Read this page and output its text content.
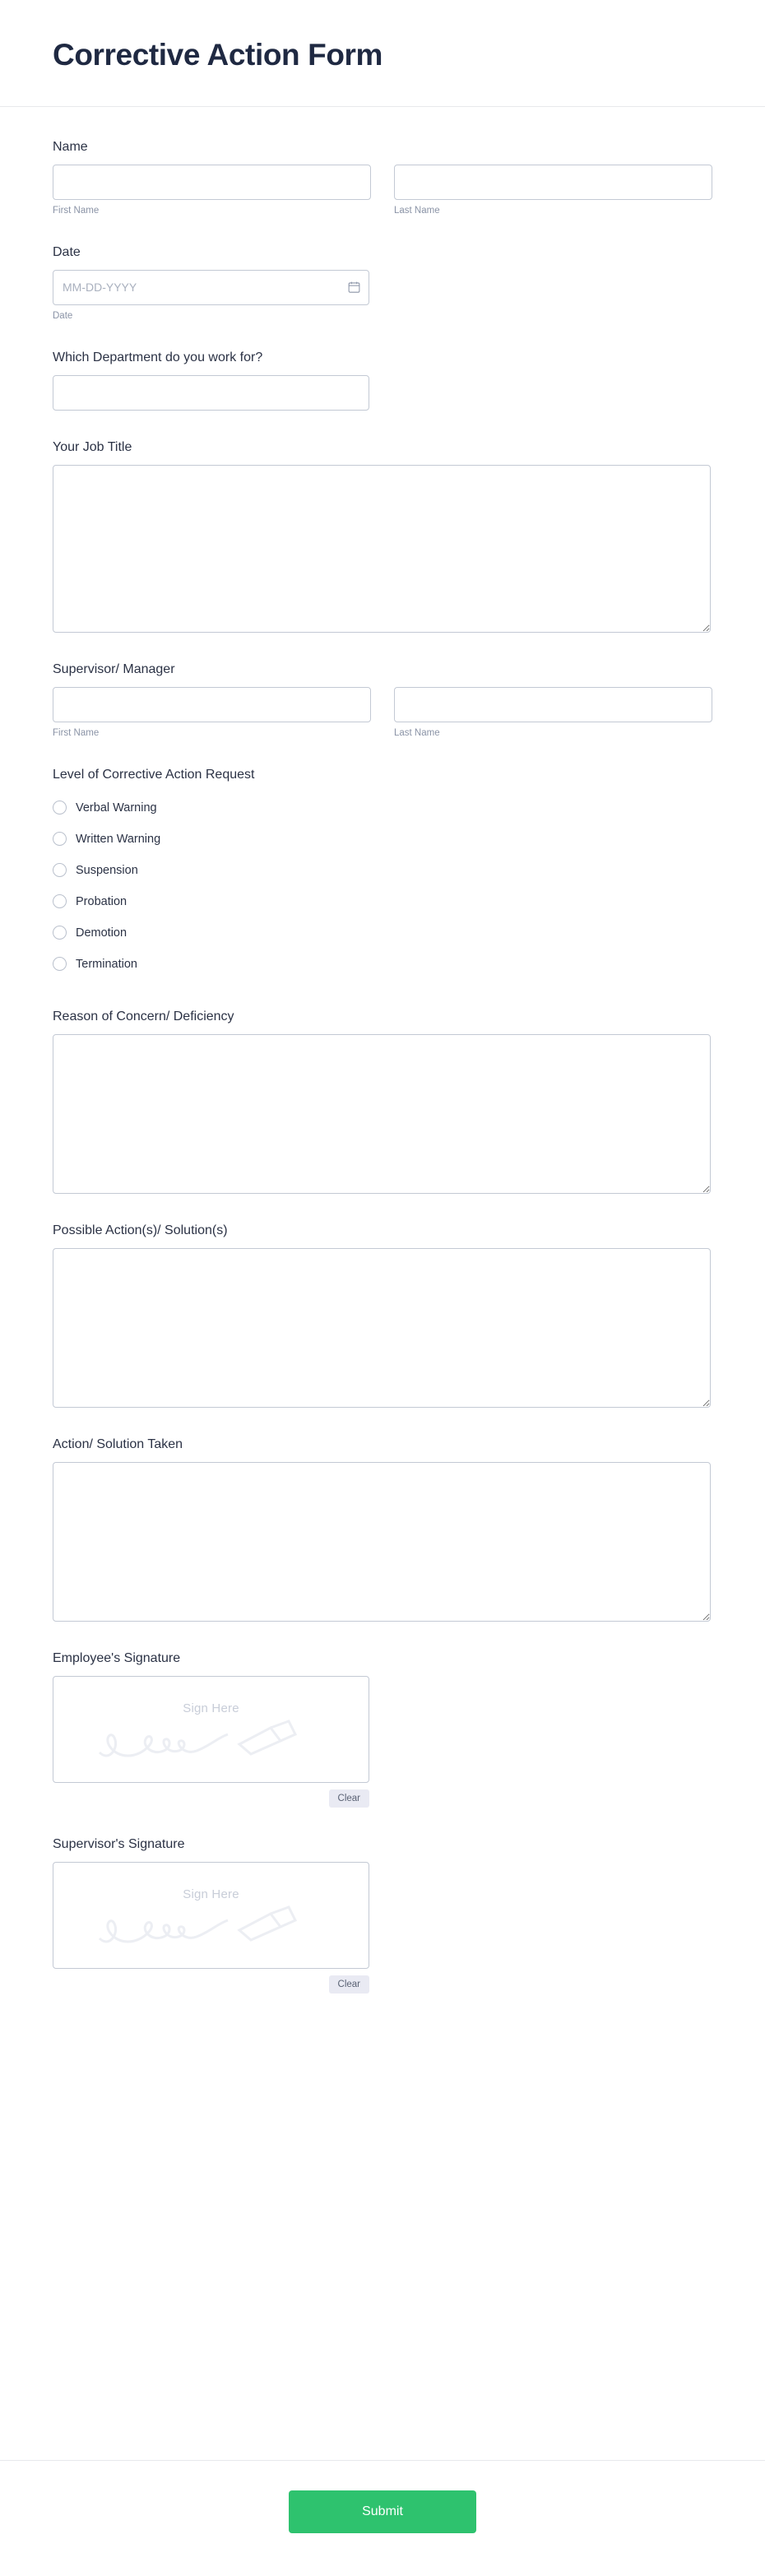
Corrective Action Form
Name
First Name	Last Name
Date
MM-DD-YYYY
Date
Which Department do you work for?
Your Job Title
Supervisor/ Manager
First Name	Last Name
Level of Corrective Action Request
Verbal Warning
Written Warning
Suspension
Probation
Demotion
Termination
Reason of Concern/ Deficiency
Possible Action(s)/ Solution(s)
Action/ Solution Taken
Employee's Signature
Sign Here
Clear
Supervisor's Signature
Sign Here
Clear
Submit
